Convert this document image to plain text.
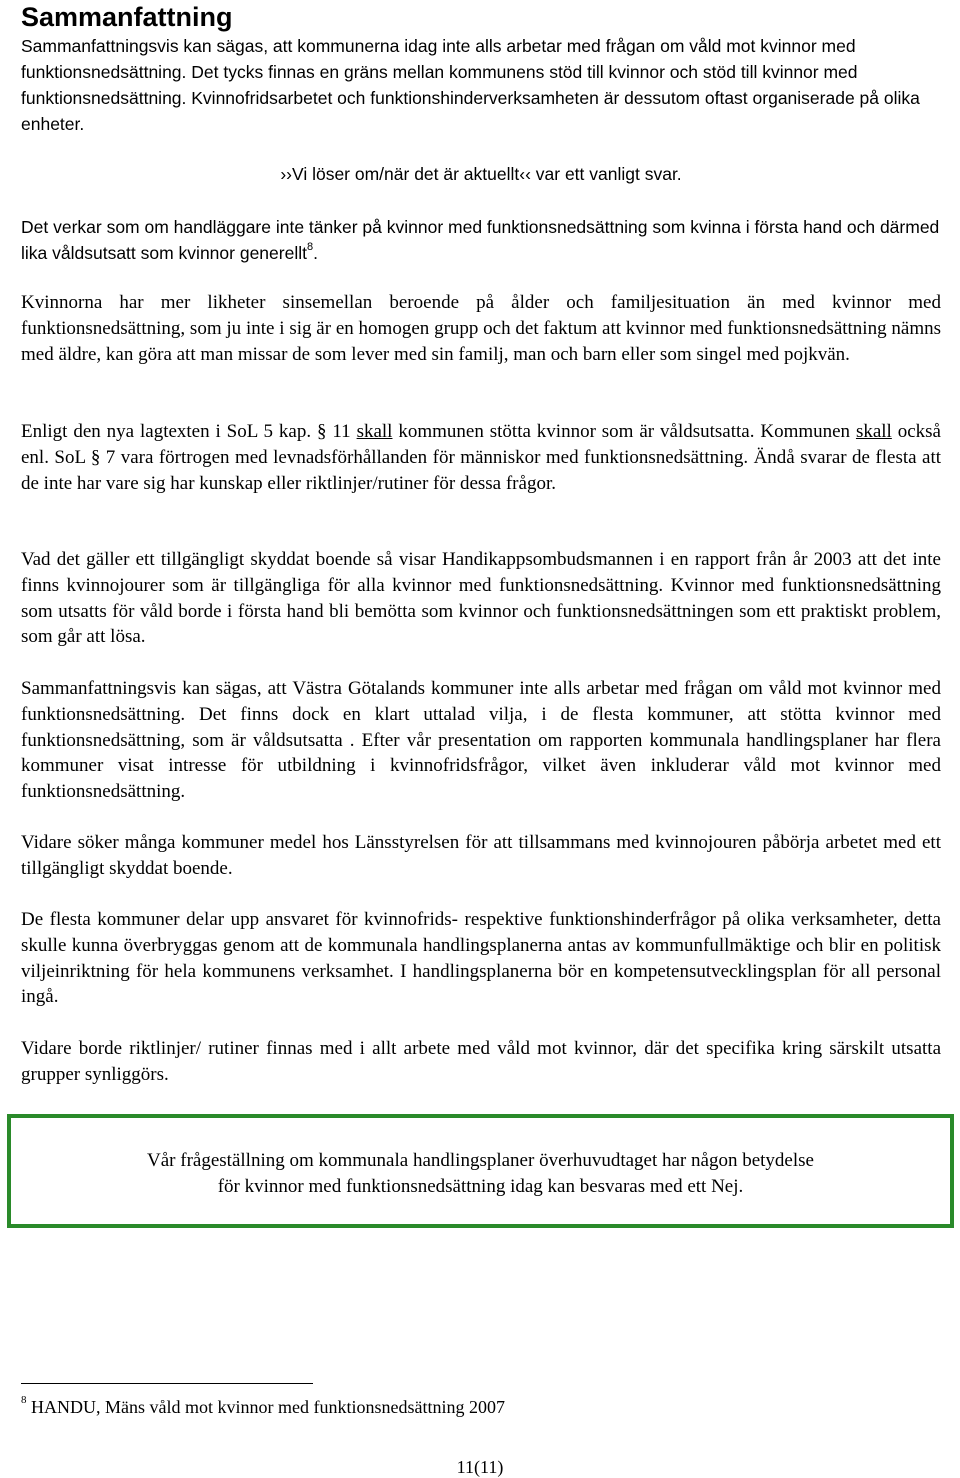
Sammanfattning

Sammanfattningsvis kan sägas, att kommunerna idag inte alls arbetar med frågan om våld mot kvinnor med funktionsnedsättning. Det tycks finnas en gräns mellan kommunens stöd till kvinnor och stöd till kvinnor med funktionsnedsättning. Kvinnofridsarbetet och funktionshinderverksamheten är dessutom oftast organiserade på olika enheter.

››Vi löser om/när det är aktuellt‹‹ var ett vanligt svar.

Det verkar som om handläggare inte tänker på kvinnor med funktionsnedsättning som kvinna i första hand och därmed lika våldsutsatt som kvinnor generellt$^8$.

Kvinnorna har mer likheter sinsemellan beroende på ålder och familjesituation än med kvinnor med funktionsnedsättning, som ju inte i sig är en homogen grupp och det faktum att kvinnor med funktionsnedsättning nämns med äldre, kan göra att man missar de som lever med sin familj, man och barn eller som singel med pojkvän.

Enligt den nya lagtexten i SoL 5 kap. § 11 skall kommunen stötta kvinnor som är våldsutsatta. Kommunen skall också enl. SoL § 7 vara förtrogen med levnadsförhållanden för människor med funktionsnedsättning. Ändå svarar de flesta att de inte har vare sig har kunskap eller riktlinjer/rutiner för dessa frågor.

Vad det gäller ett tillgängligt skyddat boende så visar Handikappsombudsmannen i en rapport från år 2003 att det inte finns kvinnojourer som är tillgängliga för alla kvinnor med funktionsnedsättning. Kvinnor med funktionsnedsättning som utsatts för våld borde i första hand bli bemötta som kvinnor och funktionsnedsättningen som ett praktiskt problem, som går att lösa.

Sammanfattningsvis kan sägas, att Västra Götalands kommuner inte alls arbetar med frågan om våld mot kvinnor med funktionsnedsättning. Det finns dock en klart uttalad vilja, i de flesta kommuner, att stötta kvinnor med funktionsnedsättning, som är våldsutsatta . Efter vår presentation om rapporten kommunala handlingsplaner har flera kommuner visat intresse för utbildning i kvinnofridsfrågor, vilket även inkluderar våld mot kvinnor med funktionsnedsättning.

Vidare söker många kommuner medel hos Länsstyrelsen för att tillsammans med kvinnojouren påbörja arbetet med ett tillgängligt skyddat boende.

De flesta kommuner delar upp ansvaret för kvinnofrids- respektive funktionshinderfrågor på olika verksamheter, detta skulle kunna överbryggas genom att de kommunala handlingsplanerna antas av kommunfullmäktige och blir en politisk viljeinriktning för hela kommunens verksamhet. I handlingsplanerna bör en kompetensutvecklingsplan för all personal ingå.

Vidare borde riktlinjer/ rutiner finnas med i allt arbete med våld mot kvinnor, där det specifika kring särskilt utsatta grupper synliggörs.

Vår frågeställning om kommunala handlingsplaner överhuvudtaget har någon betydelse
för kvinnor med funktionsnedsättning idag kan besvaras med ett Nej.
$^8$ HANDU, Mäns våld mot kvinnor med funktionsnedsättning 2007
11(11)
